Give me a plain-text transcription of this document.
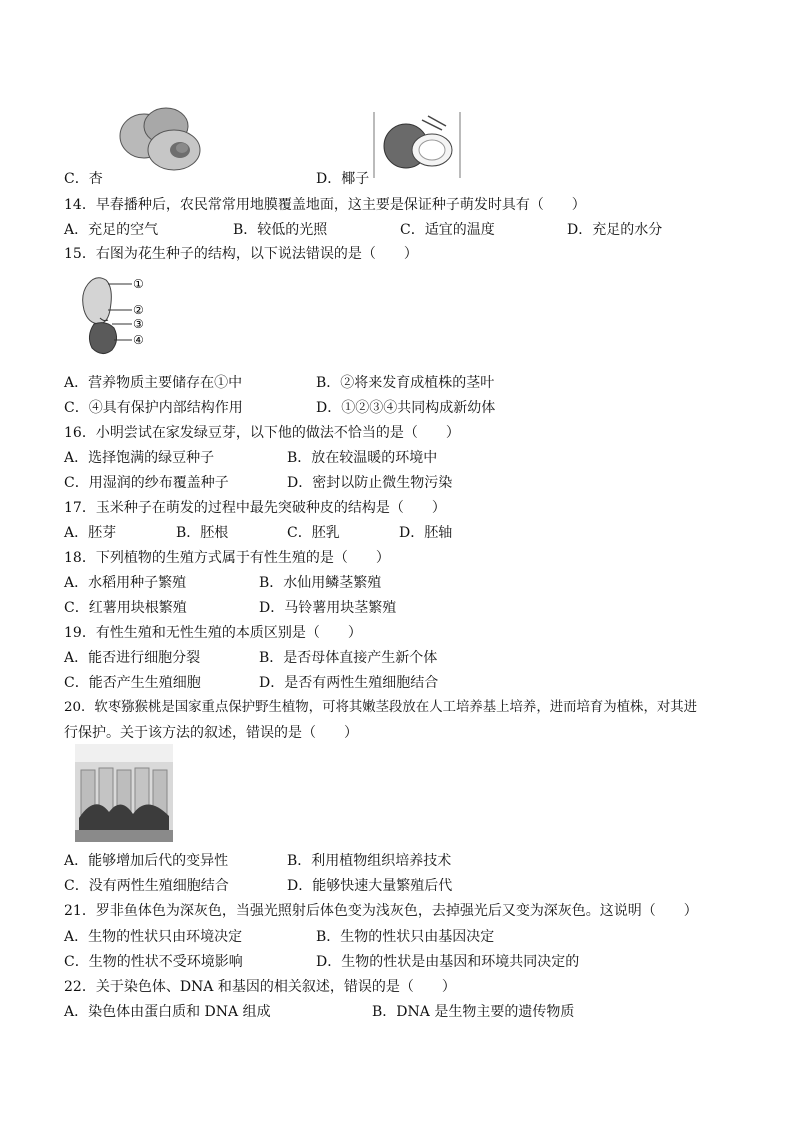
C．杏	D．椰子
14．早春播种后，农民常常用地膜覆盖地面，这主要是保证种子萌发时具有（　　）
A．充足的空气	B．较低的光照	C．适宜的温度	D．充足的水分
15．右图为花生种子的结构，以下说法错误的是（　　）
①
②
③
④
A．营养物质主要储存在①中	B．②将来发育成植株的茎叶
C．④具有保护内部结构作用	D．①②③④共同构成新幼体
16．小明尝试在家发绿豆芽，以下他的做法不恰当的是（　　）
A．选择饱满的绿豆种子	B．放在较温暖的环境中
C．用湿润的纱布覆盖种子	D．密封以防止微生物污染
17．玉米种子在萌发的过程中最先突破种皮的结构是（　　）
A．胚芽	B．胚根	C．胚乳	D．胚轴
18．下列植物的生殖方式属于有性生殖的是（　　）
A．水稻用种子繁殖	B．水仙用鳞茎繁殖
C．红薯用块根繁殖	D．马铃薯用块茎繁殖
19．有性生殖和无性生殖的本质区别是（　　）
A．能否进行细胞分裂	B．是否母体直接产生新个体
C．能否产生生殖细胞	D．是否有两性生殖细胞结合
20．软枣猕猴桃是国家重点保护野生植物，可将其嫩茎段放在人工培养基上培养，进而培育为植株，对其进
行保护。关于该方法的叙述，错误的是（　　）
A．能够增加后代的变异性	B．利用植物组织培养技术
C．没有两性生殖细胞结合	D．能够快速大量繁殖后代
21．罗非鱼体色为深灰色，当强光照射后体色变为浅灰色，去掉强光后又变为深灰色。这说明（　　）
A．生物的性状只由环境决定	B．生物的性状只由基因决定
C．生物的性状不受环境影响	D．生物的性状是由基因和环境共同决定的
22．关于染色体、DNA 和基因的相关叙述，错误的是（　　）
A．染色体由蛋白质和 DNA 组成	B．DNA 是生物主要的遗传物质
